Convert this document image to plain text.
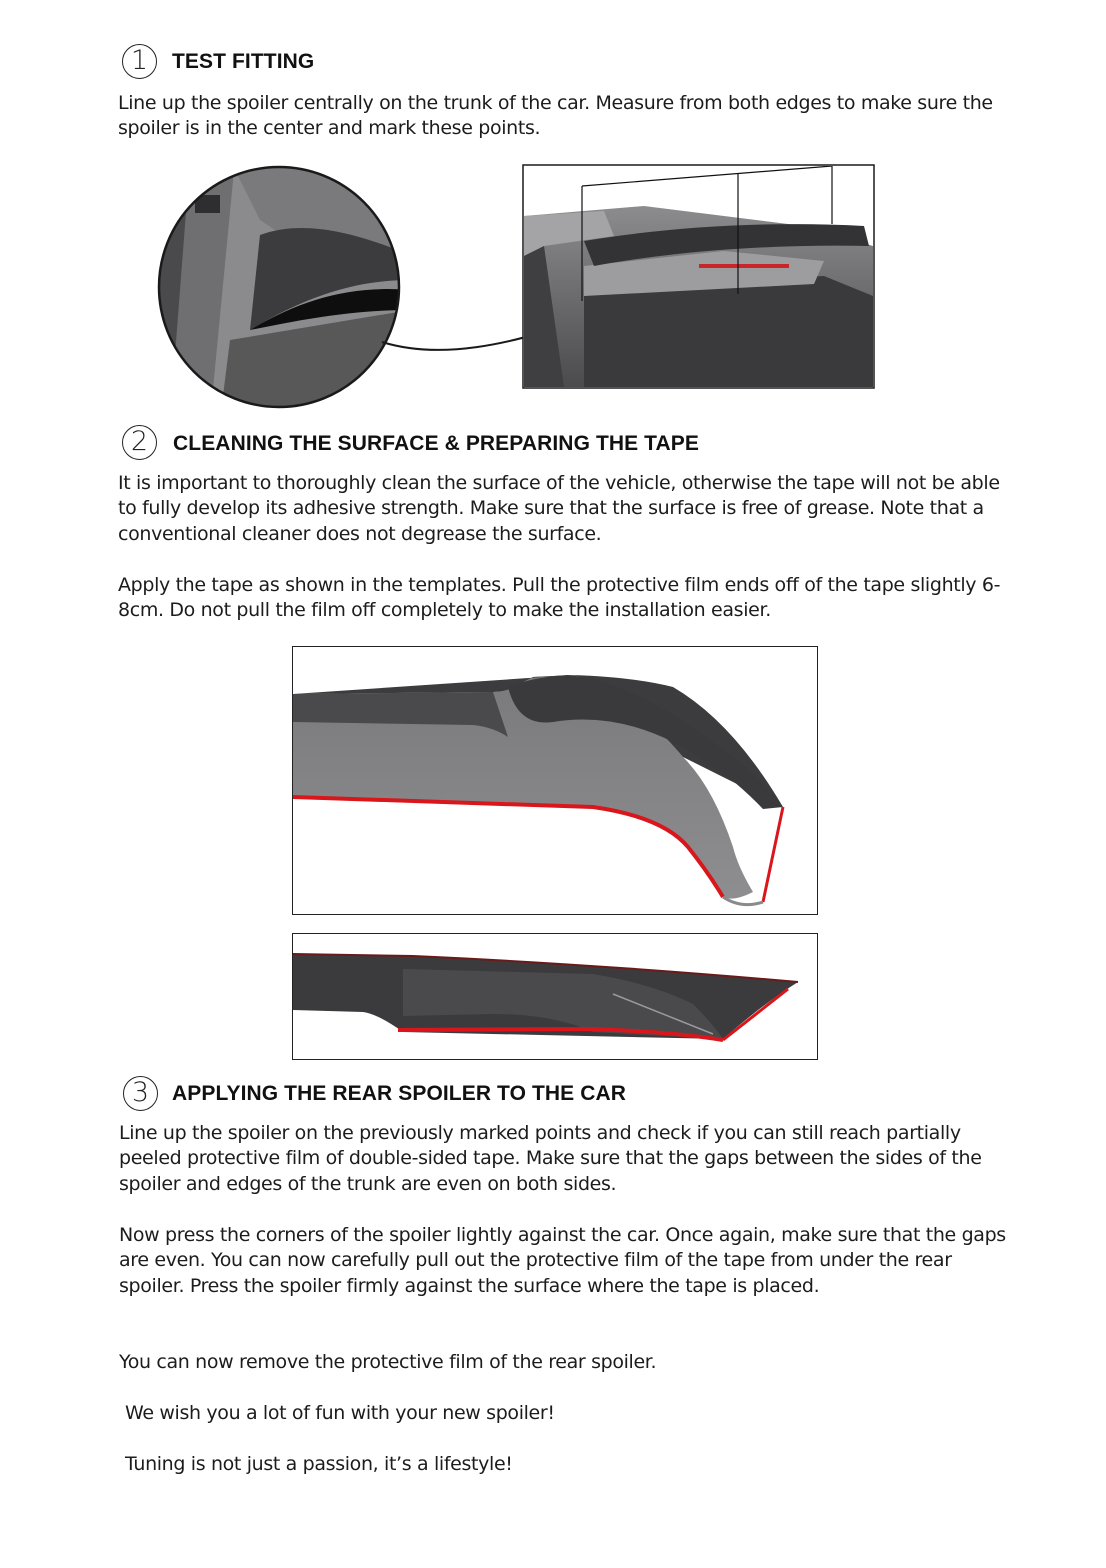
1	TEST FITTING

Line up the spoiler centrally on the trunk of the car. Measure from both edges to make sure the spoiler is in the center and mark these points.

2	CLEANING THE SURFACE & PREPARING THE TAPE

It is important to thoroughly clean the surface of the vehicle, otherwise the tape will not be able to fully develop its adhesive strength. Make sure that the surface is free of grease. Note that a conventional cleaner does not degrease the surface.

Apply the tape as shown in the templates. Pull the protective film ends off of the tape slightly 6-8cm. Do not pull the film off completely to make the installation easier.

3	APPLYING THE REAR SPOILER TO THE CAR

Line up the spoiler on the previously marked points and check if you can still reach partially peeled protective film of double-sided tape. Make sure that the gaps between the sides of the spoiler and edges of the trunk are even on both sides.

Now press the corners of the spoiler lightly against the car. Once again, make sure that the gaps are even. You can now carefully pull out the protective film of the tape from under the rear spoiler. Press the spoiler firmly against the surface where the tape is placed.

You can now remove the protective film of the rear spoiler.

We wish you a lot of fun with your new spoiler!

Tuning is not just a passion, it’s a lifestyle!
